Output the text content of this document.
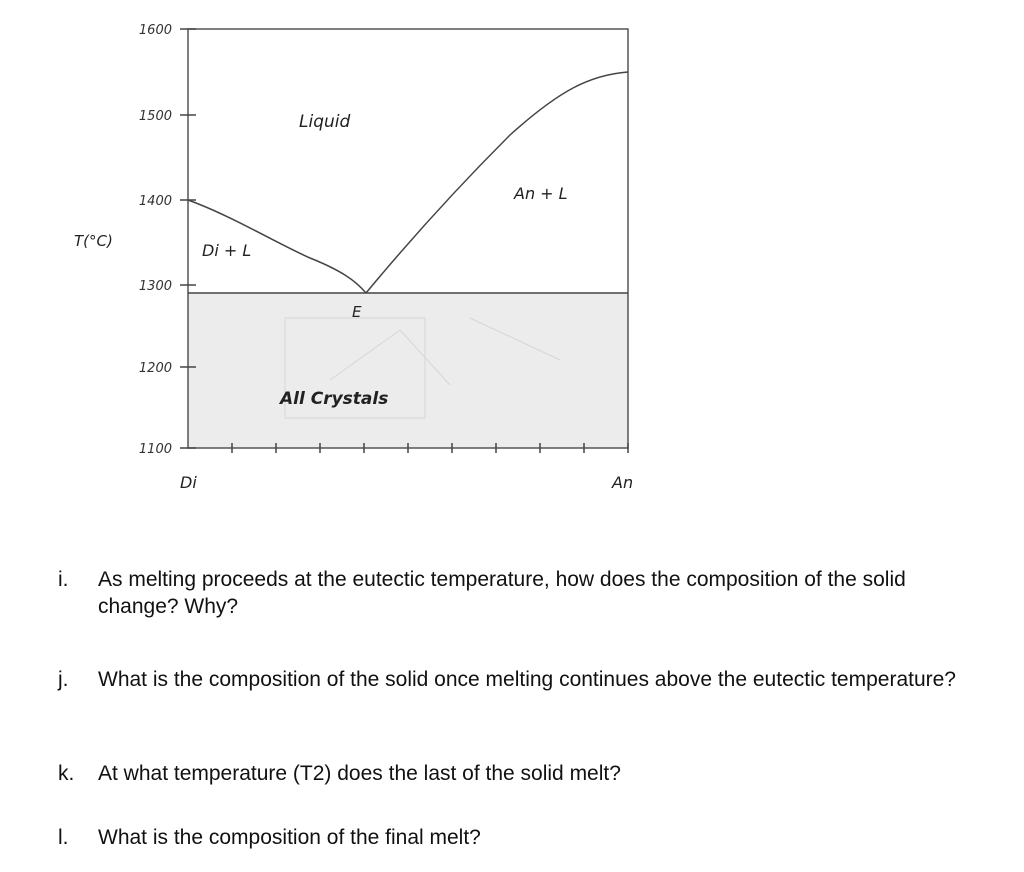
1600
1500
1400
1300
1200
1100
T(°C)
Di	An
Liquid
An + L
Di + L
E
All Crystals
i. As melting proceeds at the eutectic temperature, how does the composition of the solid change? Why?
j. What is the composition of the solid once melting continues above the eutectic temperature?
k. At what temperature (T2) does the last of the solid melt?
l. What is the composition of the final melt?
